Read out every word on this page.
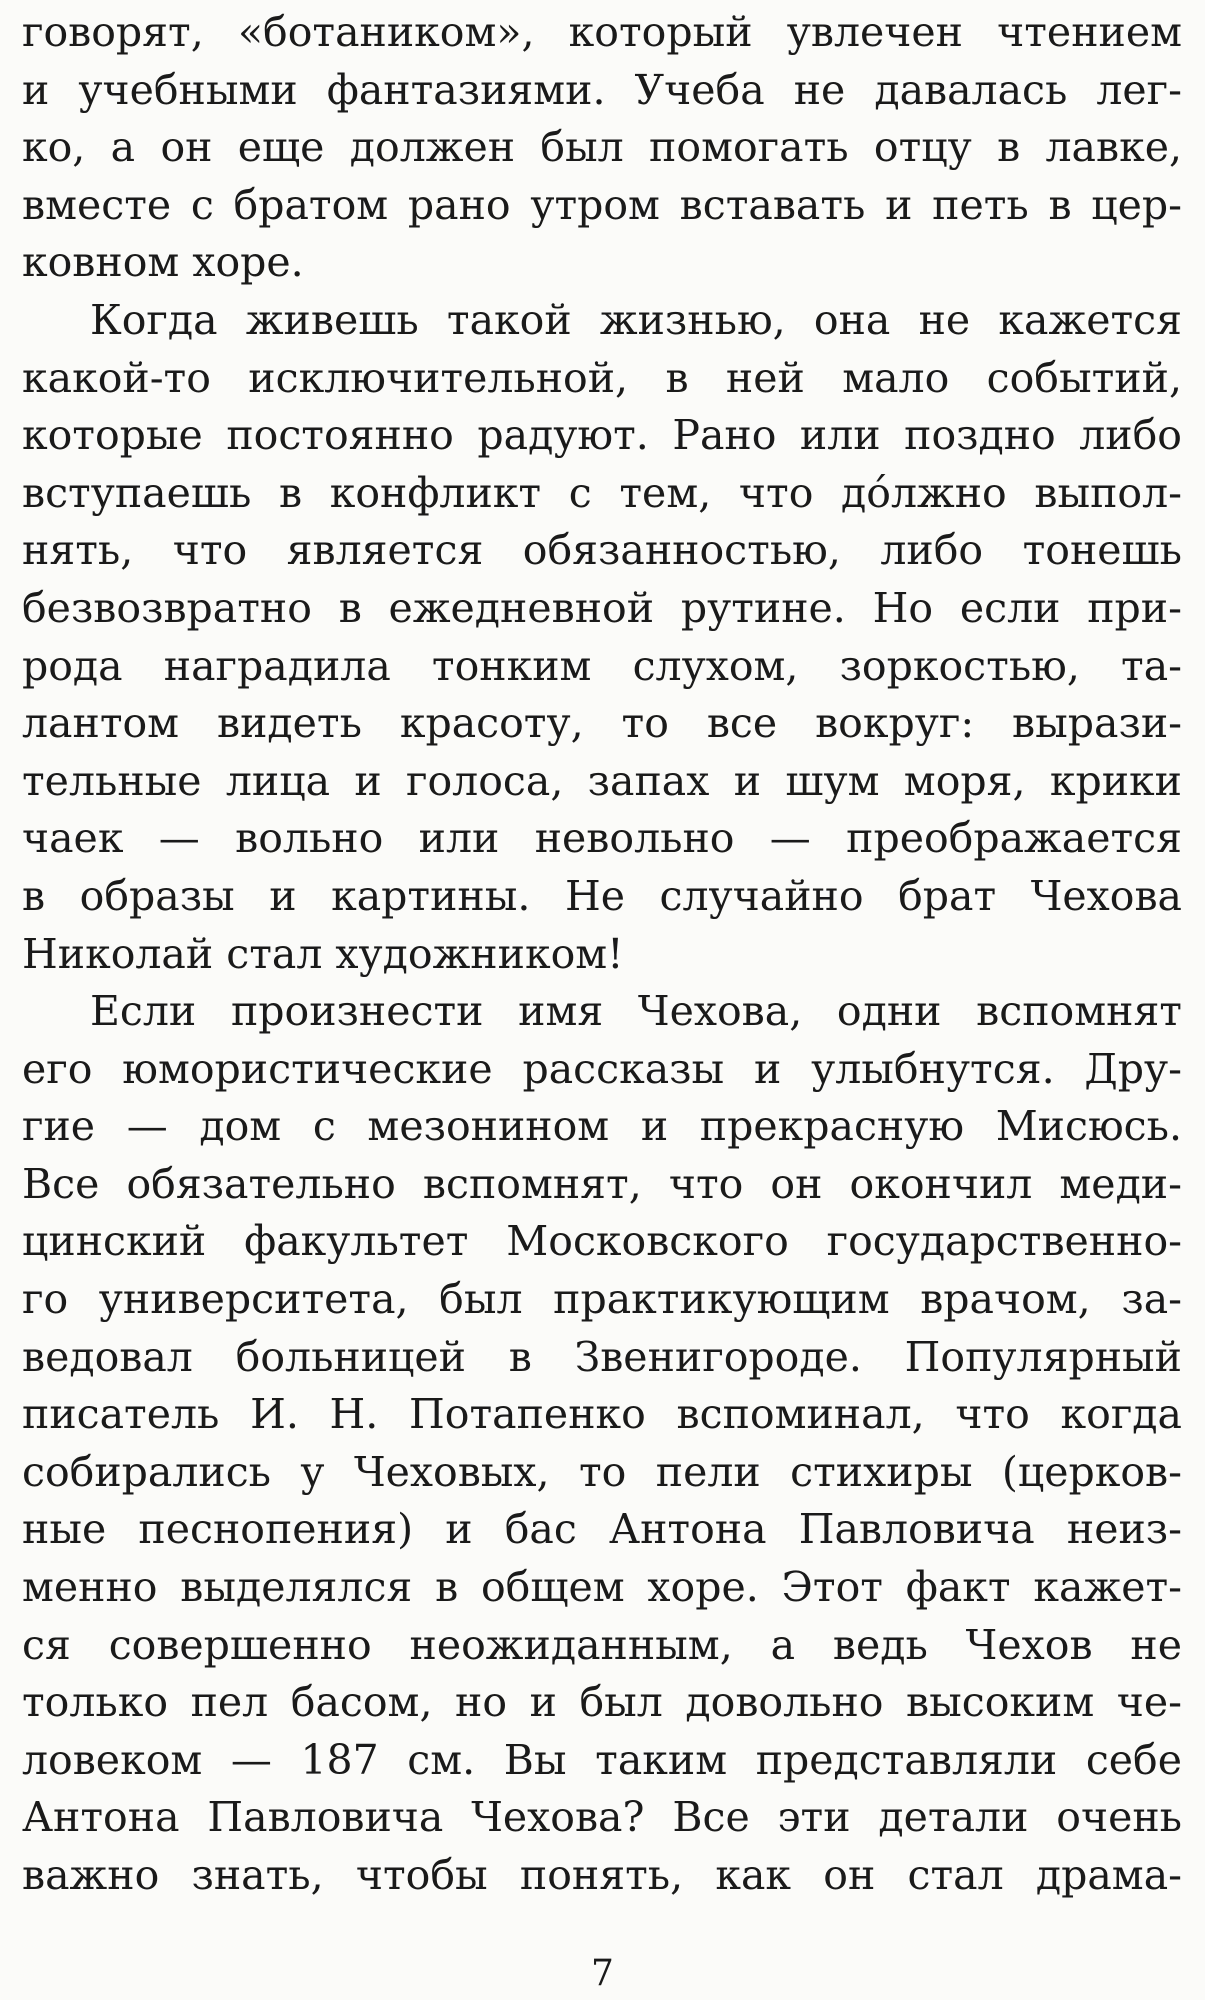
говорят, «ботаником», который увлечен чтением
и учебными фантазиями. Учеба не давалась лег-
ко, а он еще должен был помогать отцу в лавке,
вместе с братом рано утром вставать и петь в цер-
ковном хоре.
Когда живешь такой жизнью, она не кажется
какой-то исключительной, в ней мало событий,
которые постоянно радуют. Рано или поздно либо
вступаешь в конфликт с тем, что до́лжно выпол-
нять, что является обязанностью, либо тонешь
безвозвратно в ежедневной рутине. Но если при-
рода наградила тонким слухом, зоркостью, та-
лантом видеть красоту, то все вокруг: вырази-
тельные лица и голоса, запах и шум моря, крики
чаек — вольно или невольно — преображается
в образы и картины. Не случайно брат Чехова
Николай стал художником!
Если произнести имя Чехова, одни вспомнят
его юмористические рассказы и улыбнутся. Дру-
гие — дом с мезонином и прекрасную Мисюсь.
Все обязательно вспомнят, что он окончил меди-
цинский факультет Московского государственно-
го университета, был практикующим врачом, за-
ведовал больницей в Звенигороде. Популярный
писатель И. Н. Потапенко вспоминал, что когда
собирались у Чеховых, то пели стихиры (церков-
ные песнопения) и бас Антона Павловича неиз-
менно выделялся в общем хоре. Этот факт кажет-
ся совершенно неожиданным, а ведь Чехов не
только пел басом, но и был довольно высоким че-
ловеком — 187 см. Вы таким представляли себе
Антона Павловича Чехова? Все эти детали очень
важно знать, чтобы понять, как он стал драма-
7
